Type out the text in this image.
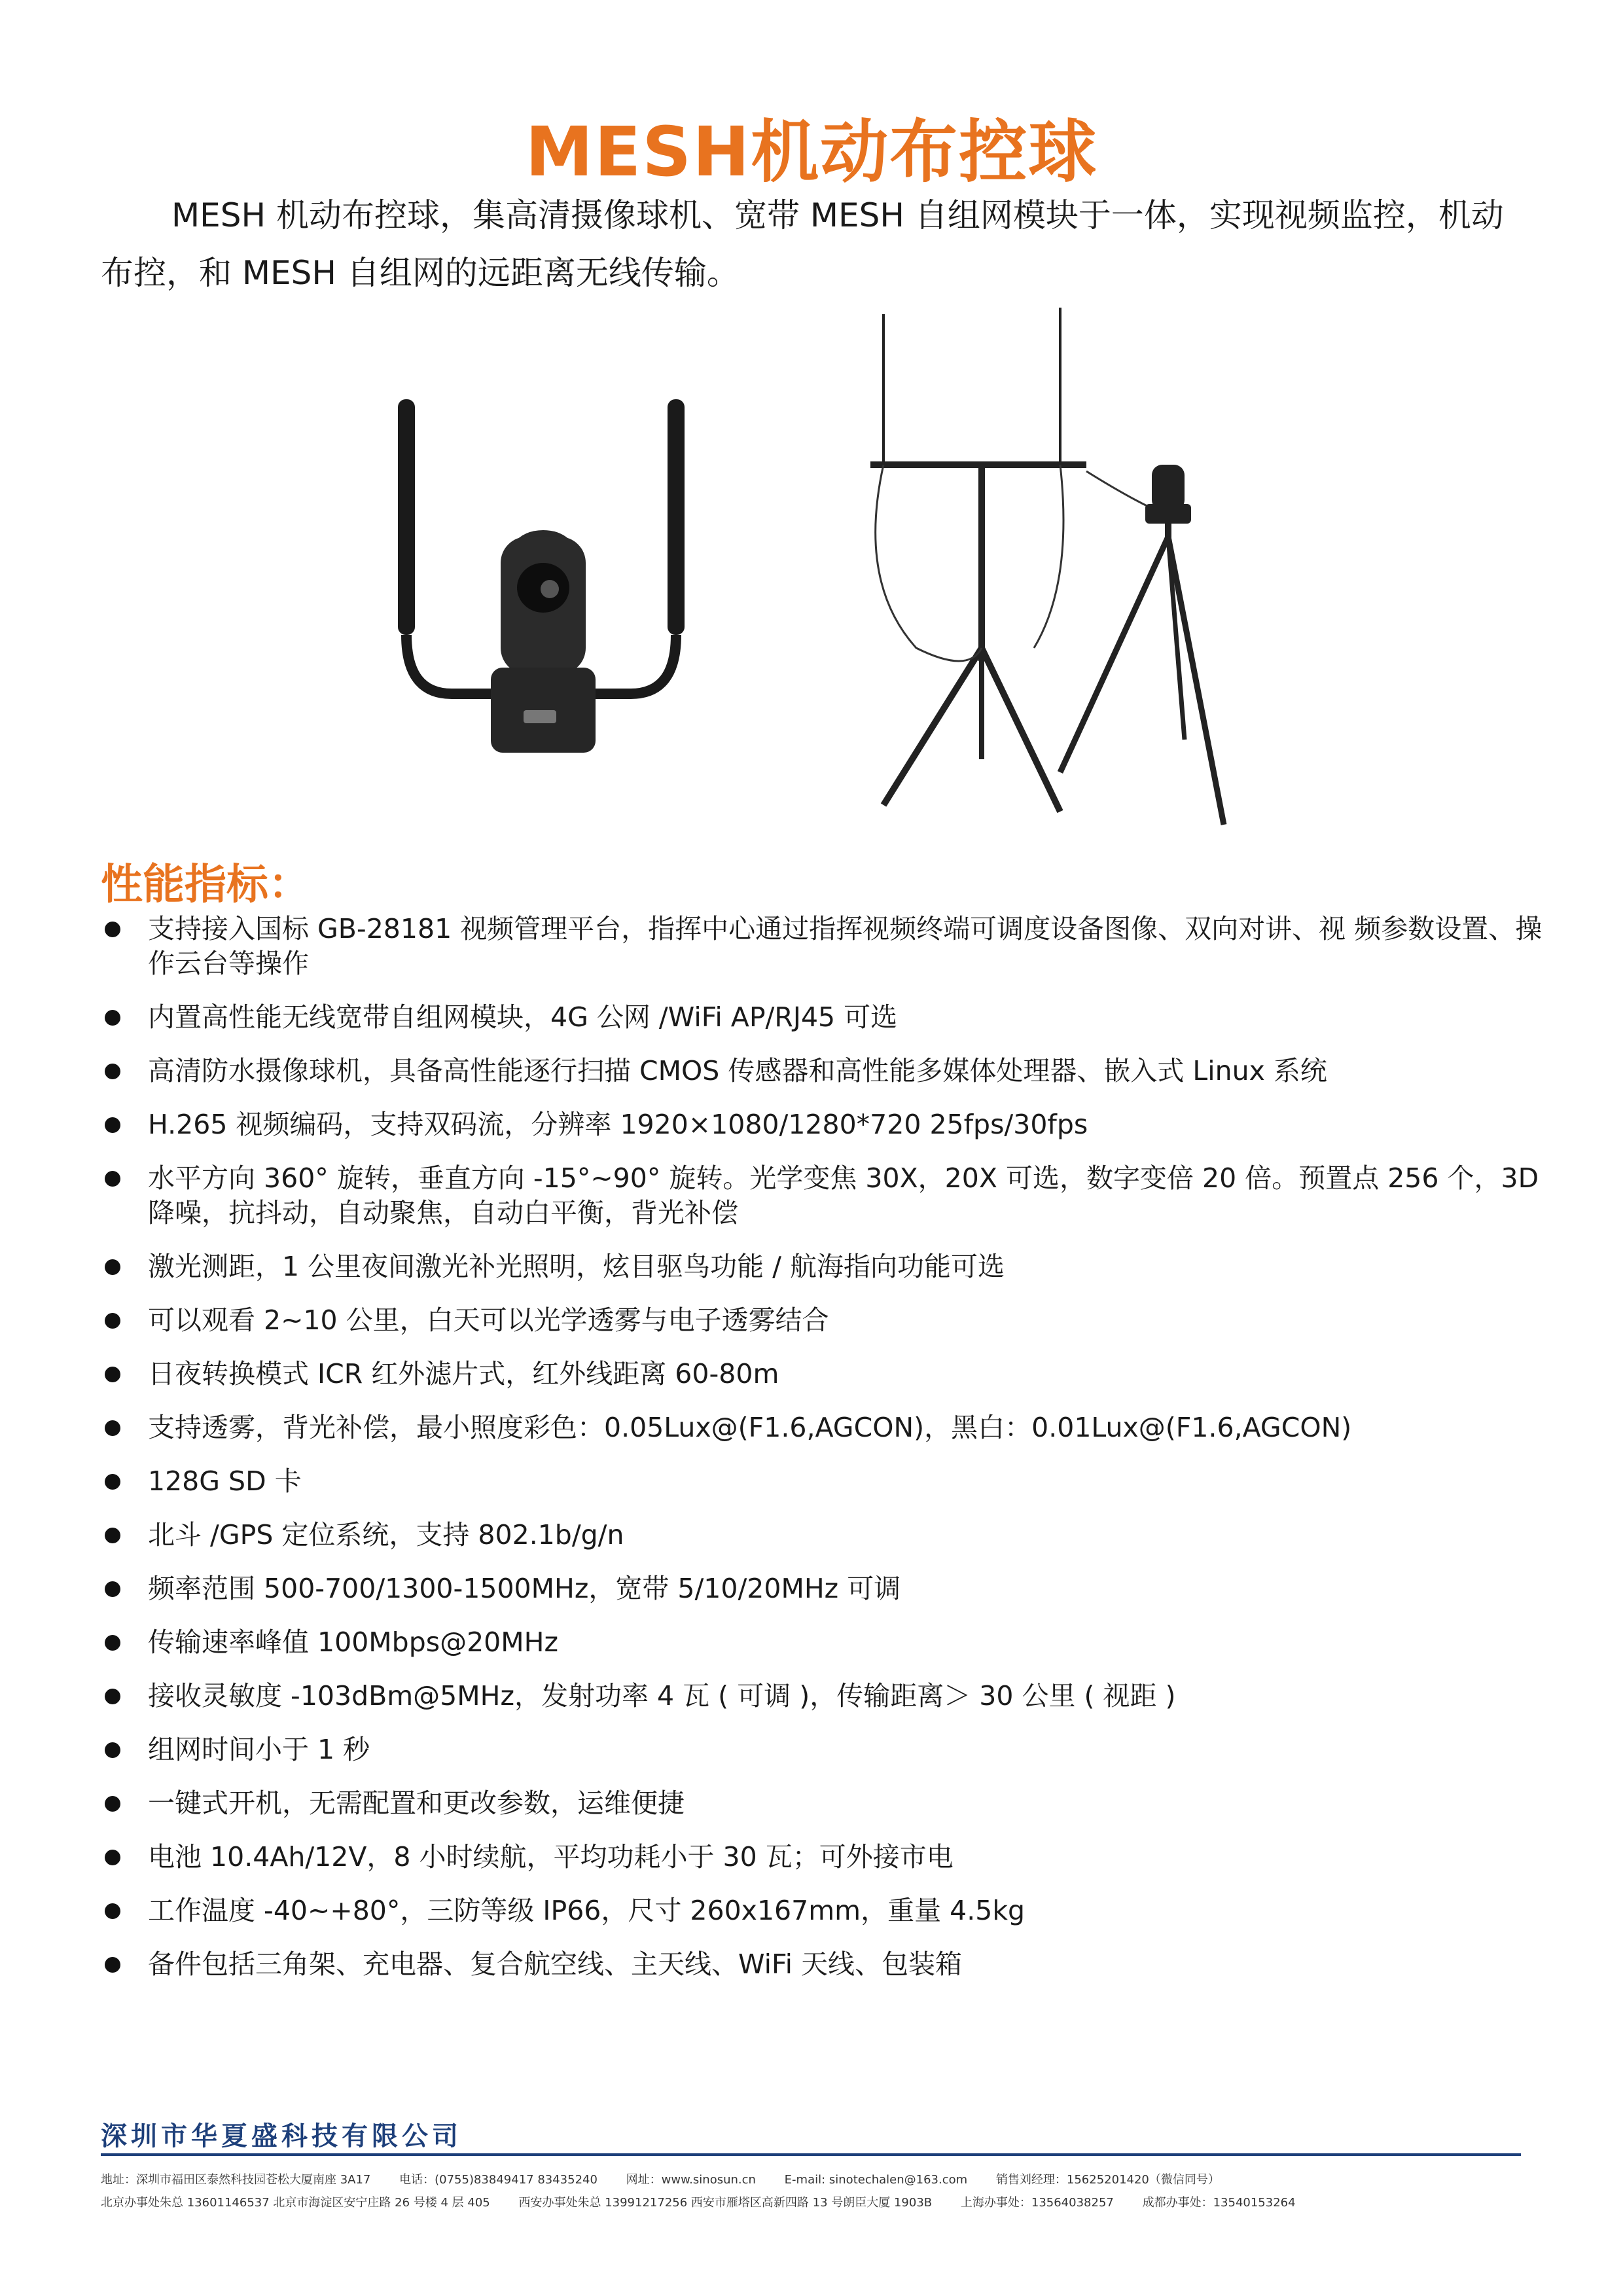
MESH机动布控球

MESH 机动布控球，集高清摄像球机、宽带 MESH 自组网模块于一体，实现视频监控，机动布控，和 MESH 自组网的远距离无线传输。

性能指标：
支持接入国标 GB-28181 视频管理平台，指挥中心通过指挥视频终端可调度设备图像、双向对讲、视 频参数设置、操作云台等操作
内置高性能无线宽带自组网模块，4G 公网 /WiFi AP/RJ45 可选
高清防水摄像球机，具备高性能逐行扫描 CMOS 传感器和高性能多媒体处理器、嵌入式 Linux 系统
H.265 视频编码，支持双码流，分辨率 1920×1080/1280*720 25fps/30fps
水平方向 360° 旋转，垂直方向 -15°~90° 旋转。光学变焦 30X，20X 可选，数字变倍 20 倍。预置点 256 个，3D 降噪，抗抖动，自动聚焦，自动白平衡，背光补偿
激光测距，1 公里夜间激光补光照明，炫目驱鸟功能 / 航海指向功能可选
可以观看 2~10 公里，白天可以光学透雾与电子透雾结合
日夜转换模式 ICR 红外滤片式，红外线距离 60-80m
支持透雾，背光补偿，最小照度彩色：0.05Lux@(F1.6,AGCON)，黑白：0.01Lux@(F1.6,AGCON)
128G SD 卡
北斗 /GPS 定位系统，支持 802.1b/g/n
频率范围 500-700/1300-1500MHz，宽带 5/10/20MHz 可调
传输速率峰值 100Mbps@20MHz
接收灵敏度 -103dBm@5MHz，发射功率 4 瓦 ( 可调 )，传输距离＞ 30 公里 ( 视距 )
组网时间小于 1 秒
一键式开机，无需配置和更改参数，运维便捷
电池 10.4Ah/12V，8 小时续航，平均功耗小于 30 瓦；可外接市电
工作温度 -40~+80°，三防等级 IP66，尺寸 260x167mm，重量 4.5kg
备件包括三角架、充电器、复合航空线、主天线、WiFi 天线、包装箱
深圳市华夏盛科技有限公司
地址：深圳市福田区泰然科技园苍松大厦南座 3A17 电话：(0755)83849417 83435240 网址：www.sinosun.cn E-mail: sinotechalen@163.com 销售刘经理：15625201420（微信同号）
北京办事处朱总 13601146537 北京市海淀区安宁庄路 26 号楼 4 层 405 西安办事处朱总 13991217256 西安市雁塔区高新四路 13 号朗臣大厦 1903B 上海办事处：13564038257 成都办事处：13540153264
